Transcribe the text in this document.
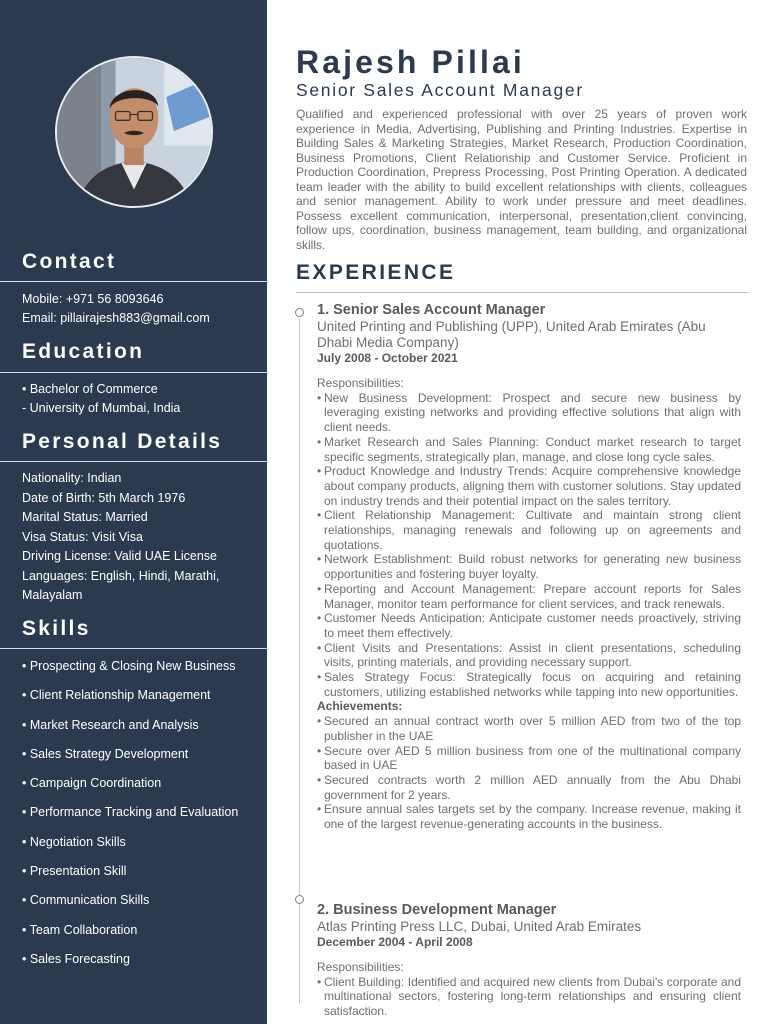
Contact
Mobile: +971 56 8093646
Email: pillairajesh883@gmail.com
Education
• Bachelor of Commerce
- University of Mumbai, India
Personal Details
Nationality: Indian
Date of Birth: 5th March 1976
Marital Status: Married
Visa Status: Visit Visa
Driving License: Valid UAE License
Languages: English, Hindi, Marathi, Malayalam
Skills
• Prospecting & Closing New Business
• Client Relationship Management
• Market Research and Analysis
• Sales Strategy Development
• Campaign Coordination
• Performance Tracking and Evaluation
• Negotiation Skills
• Presentation Skill
• Communication Skills
• Team Collaboration
• Sales Forecasting
Rajesh Pillai
Senior Sales Account Manager

Qualified and experienced professional with over 25 years of proven work experience in Media, Advertising, Publishing and Printing Industries. Expertise in Building Sales & Marketing Strategies, Market Research, Production Coordination, Business Promotions, Client Relationship and Customer Service. Proficient in Production Coordination, Prepress Processing, Post Printing Operation. A dedicated team leader with the ability to build excellent relationships with clients, colleagues and senior management. Ability to work under pressure and meet deadlines. Possess excellent communication, interpersonal, presentation,client convincing, follow ups, coordination, business management, team building, and organizational skills.

EXPERIENCE
1. Senior Sales Account Manager
United Printing and Publishing (UPP), United Arab Emirates (Abu Dhabi Media Company)
July 2008 - October 2021
Responsibilities:
• New Business Development: Prospect and secure new business by leveraging existing networks and providing effective solutions that align with client needs.
• Market Research and Sales Planning: Conduct market research to target specific segments, strategically plan, manage, and close long cycle sales.
• Product Knowledge and Industry Trends: Acquire comprehensive knowledge about company products, aligning them with customer solutions. Stay updated on industry trends and their potential impact on the sales territory.
• Client Relationship Management: Cultivate and maintain strong client relationships, managing renewals and following up on agreements and quotations.
• Network Establishment: Build robust networks for generating new business opportunities and fostering buyer loyalty.
• Reporting and Account Management: Prepare account reports for Sales Manager, monitor team performance for client services, and track renewals.
• Customer Needs Anticipation: Anticipate customer needs proactively, striving to meet them effectively.
• Client Visits and Presentations: Assist in client presentations, scheduling visits, printing materials, and providing necessary support.
• Sales Strategy Focus: Strategically focus on acquiring and retaining customers, utilizing established networks while tapping into new opportunities.
Achievements:
• Secured an annual contract worth over 5 million AED from two of the top publisher in the UAE
• Secure over AED 5 million business from one of the multinational company based in UAE
• Secured contracts worth 2 million AED annually from the Abu Dhabi government for 2 years.
• Ensure annual sales targets set by the company. Increase revenue, making it one of the largest revenue-generating accounts in the business.
2. Business Development Manager
Atlas Printing Press LLC, Dubai, United Arab Emirates
December 2004 - April 2008
Responsibilities:
• Client Building: Identified and acquired new clients from Dubai's corporate and multinational sectors, fostering long-term relationships and ensuring client satisfaction.
